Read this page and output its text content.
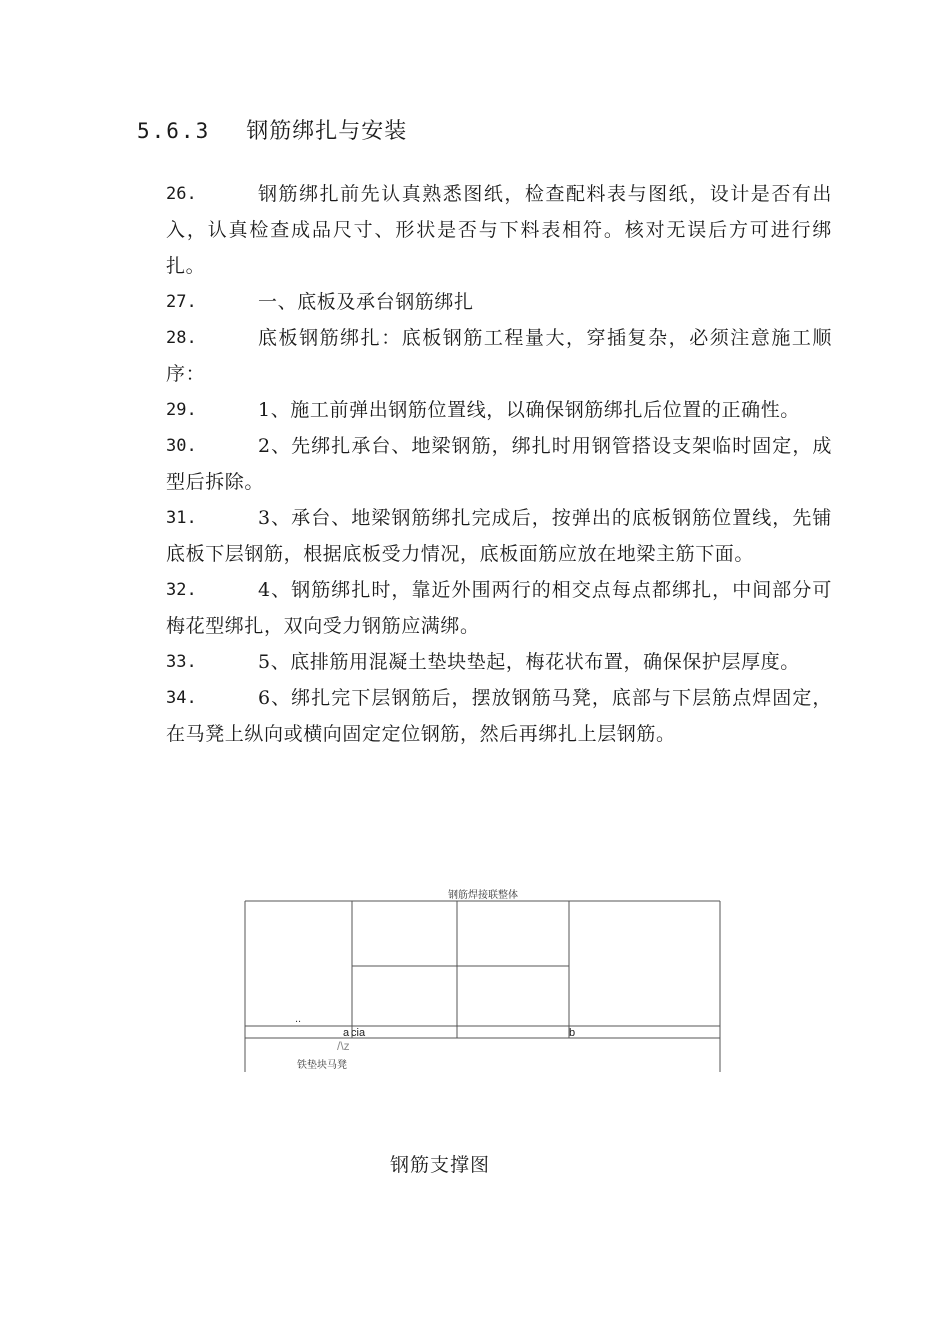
5.6.3 钢筋绑扎与安装

26.	钢筋绑扎前先认真熟悉图纸，检查配料表与图纸，设计是否有出入，认真检查成品尺寸、形状是否与下料表相符。核对无误后方可进行绑扎。

27.	一、底板及承台钢筋绑扎

28.	底板钢筋绑扎：底板钢筋工程量大，穿插复杂，必须注意施工顺序：

29.	1、施工前弹出钢筋位置线，以确保钢筋绑扎后位置的正确性。

30.	2、先绑扎承台、地梁钢筋，绑扎时用钢管搭设支架临时固定，成型后拆除。

31.	3、承台、地梁钢筋绑扎完成后，按弹出的底板钢筋位置线，先铺底板下层钢筋，根据底板受力情况，底板面筋应放在地梁主筋下面。

32.	4、钢筋绑扎时，靠近外围两行的相交点每点都绑扎，中间部分可梅花型绑扎，双向受力钢筋应满绑。

33.	5、底排筋用混凝土垫块垫起，梅花状布置，确保保护层厚度。

34.	6、绑扎完下层钢筋后，摆放钢筋马凳，底部与下层筋点焊固定，在马凳上纵向或横向固定定位钢筋，然后再绑扎上层钢筋。

钢筋焊接联整体
..
a cia	b
/\z
铁垫块马凳
钢筋支撑图
